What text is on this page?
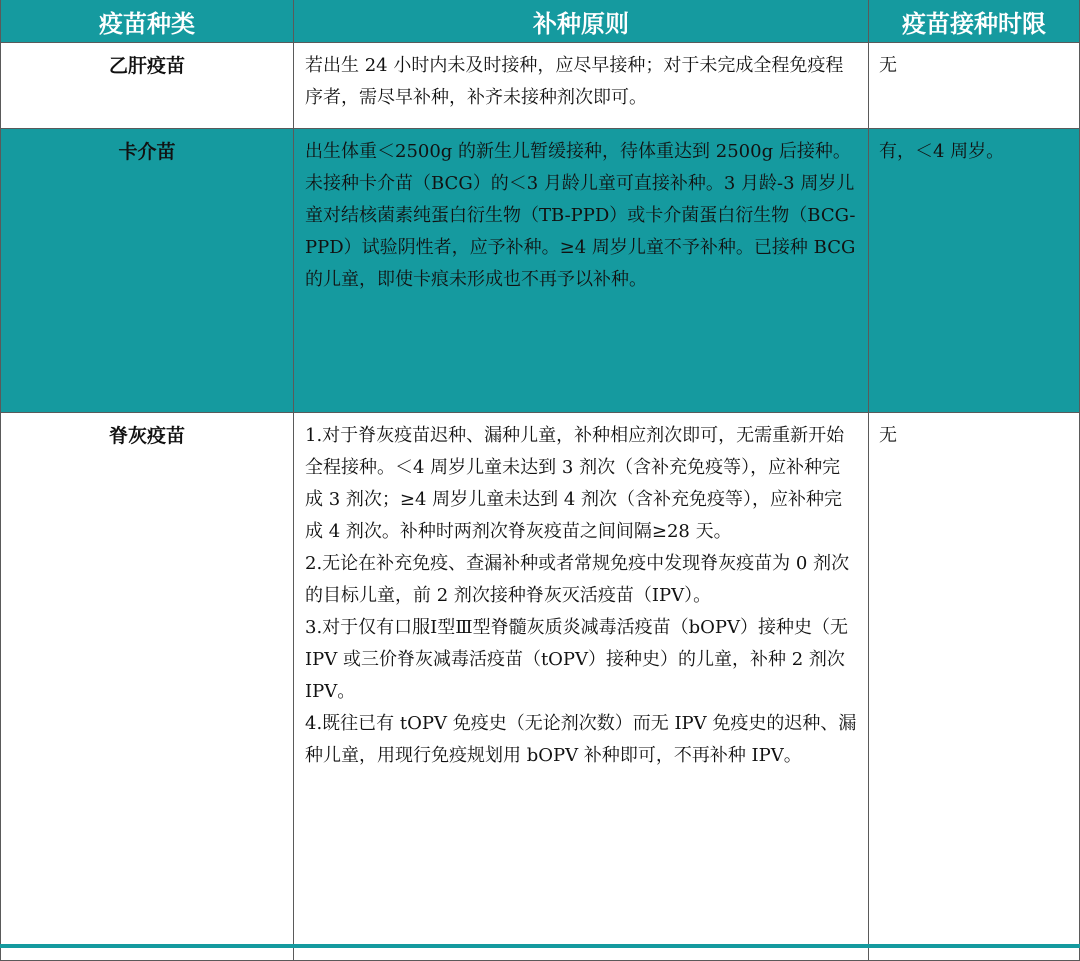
疫苗种类	补种原则	疫苗接种时限
乙肝疫苗	若出生 24 小时内未及时接种，应尽早接种；对于未完成全程免疫程序者，需尽早补种，补齐未接种剂次即可。	无
卡介苗	出生体重＜2500g 的新生儿暂缓接种，待体重达到 2500g 后接种。
未接种卡介苗（BCG）的＜3 月龄儿童可直接补种。3 月龄-3 周岁儿童对结核菌素纯蛋白衍生物（TB-PPD）或卡介菌蛋白衍生物（BCG-PPD）试验阴性者，应予补种。≥4 周岁儿童不予补种。已接种 BCG 的儿童，即使卡痕未形成也不再予以补种。	有，＜4 周岁。
脊灰疫苗	1.对于脊灰疫苗迟种、漏种儿童，补种相应剂次即可，无需重新开始全程接种。＜4 周岁儿童未达到 3 剂次（含补充免疫等），应补种完成 3 剂次；≥4 周岁儿童未达到 4 剂次（含补充免疫等），应补种完成 4 剂次。补种时两剂次脊灰疫苗之间间隔≥28 天。
2.无论在补充免疫、查漏补种或者常规免疫中发现脊灰疫苗为 0 剂次的目标儿童，前 2 剂次接种脊灰灭活疫苗（IPV）。
3.对于仅有口服Ⅰ型Ⅲ型脊髓灰质炎减毒活疫苗（bOPV）接种史（无 IPV 或三价脊灰减毒活疫苗（tOPV）接种史）的儿童，补种 2 剂次 IPV。
4.既往已有 tOPV 免疫史（无论剂次数）而无 IPV 免疫史的迟种、漏种儿童，用现行免疫规划用 bOPV 补种即可，不再补种 IPV。	无
